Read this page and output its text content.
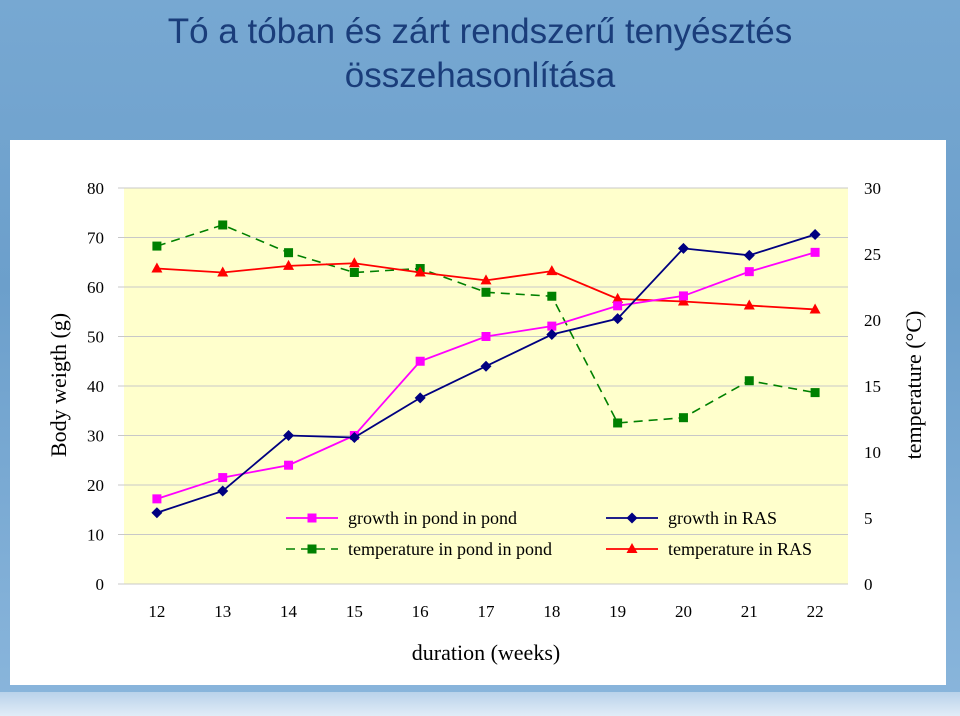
Tó a tóban és zárt rendszerű tenyésztés
összehasonlítása
0
10
20
30
40
50
60
70
80
0
5
10
15
20
25
30
12	13	14	15	16	17	18	19	20	21	22
growth in pond in pond	growth in RAS
temperature in pond in pond	temperature in RAS
duration (weeks)
Body weigth (g)	temperature (°C)
